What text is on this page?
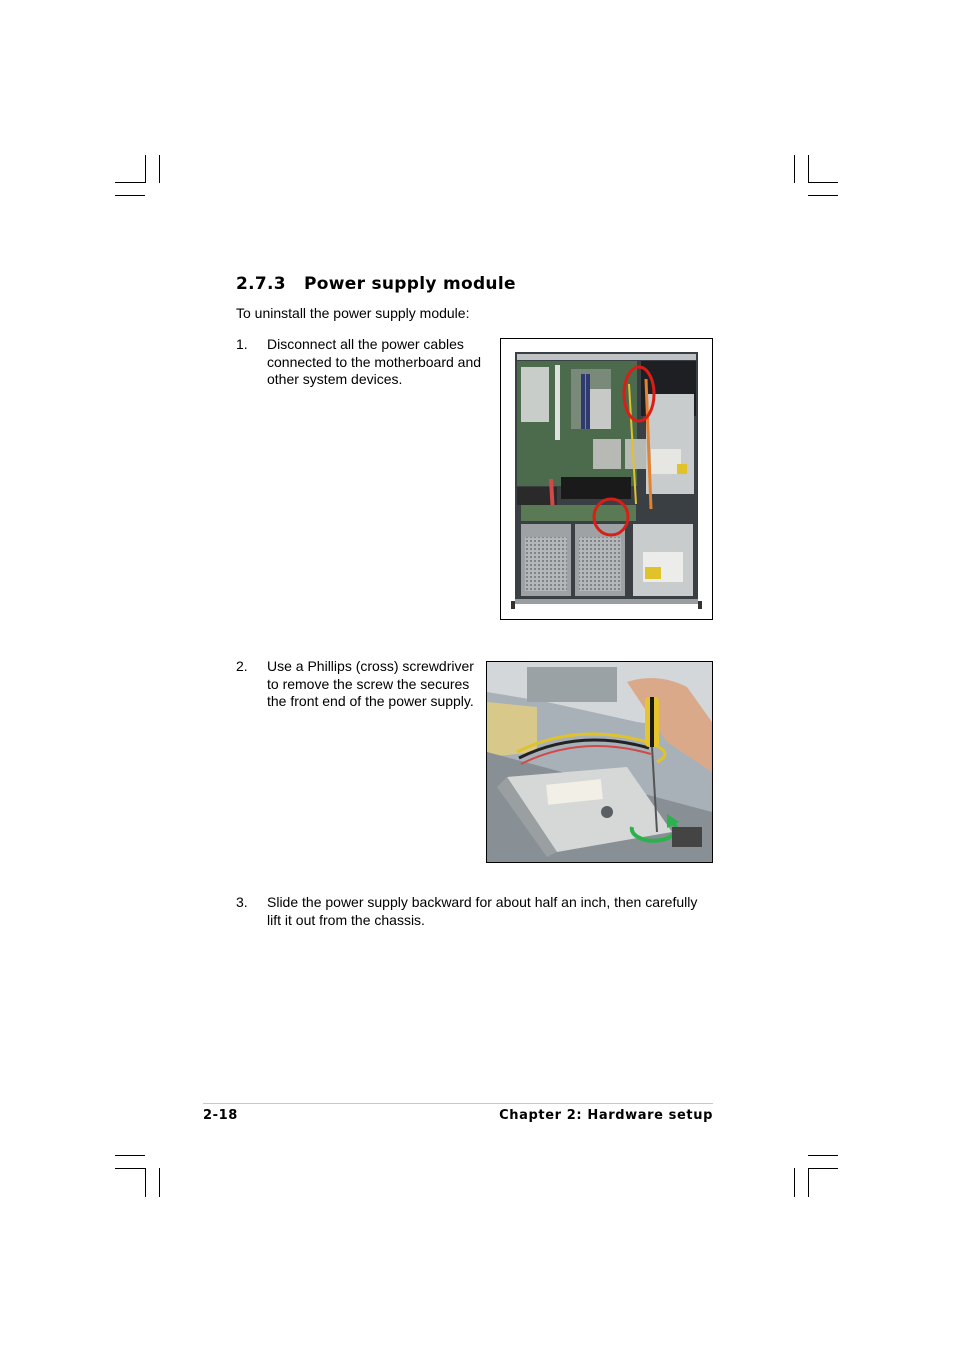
2.7.3 Power supply module
To uninstall the power supply module:
1. Disconnect all the power cables connected to the motherboard and other system devices.
2. Use a Phillips (cross) screwdriver to remove the screw the secures the front end of the power supply.
3. Slide the power supply backward for about half an inch, then carefully lift it out from the chassis.
2-18	Chapter 2: Hardware setup
